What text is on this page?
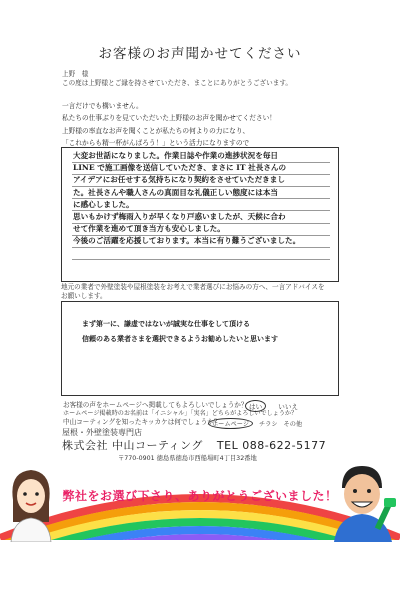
お客様のお声聞かせてください
上野　様
この度は上野様とご縁を持させていただき、まことにありがとうございます。
一言だけでも構いません。
私たちの仕事ぶりを見ていただいた上野様のお声を聞かせてください！
上野様の率直なお声を聞くことが私たちの何よりの力になり、
「これからも精一杯がんばろう！」という活力になりますので
大変お世話になりました。作業日誌や作業の進捗状況を毎日
LINE で施工画像を送信していただき、まさに IT 社長さんの
アイデアにお任せする気持ちになり契約をさせていただきまし
た。社長さんや職人さんの真面目な礼儀正しい態度には本当
に感心しました。
思いもかけず梅雨入りが早くなり戸惑いましたが、天候に合わ
せて作業を進めて頂き当方も安心しました。
今後のご活躍を応援しております。本当に有り難うございました。
地元の業者で外壁塗装や屋根塗装をお考えで業者選びにお悩みの方へ、一言アドバイスをお願いします。
まず第一に、謙虚ではないが誠実な仕事をして頂ける
信頼のある業者さまを選択できるようお勧めしたいと思います
お客様の声をホームページへ掲載してもよろしいでしょうか？ はい いいえ
ホームページ掲載時のお名前は「イニシャル」「実名」どちらがよろしいでしょうか？
中山コーティングを知ったキッカケは何でしょうか？
ホームページ チラシ その他
屋根・外壁塗装専門店
株式会社 中山コーティング TEL 088-622-5177
〒770-0901 徳島県徳島市西船場町4丁目32番地
弊社をお選び下さり、ありがとうございました！
